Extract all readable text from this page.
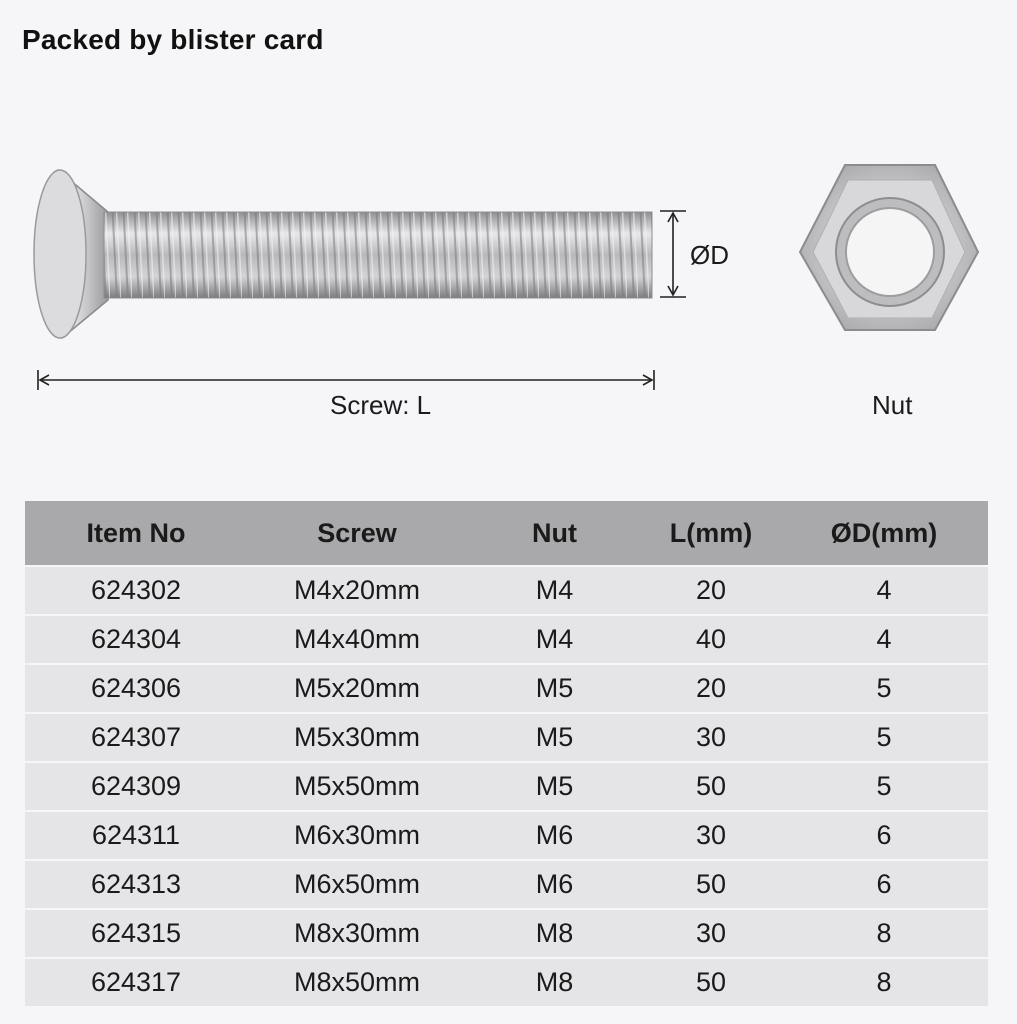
Packed by blister card
ØD
Screw: L	Nut
Item No	Screw	Nut	L(mm)	ØD(mm)
624302	M4x20mm	M4	20	4
624304	M4x40mm	M4	40	4
624306	M5x20mm	M5	20	5
624307	M5x30mm	M5	30	5
624309	M5x50mm	M5	50	5
624311	M6x30mm	M6	30	6
624313	M6x50mm	M6	50	6
624315	M8x30mm	M8	30	8
624317	M8x50mm	M8	50	8
